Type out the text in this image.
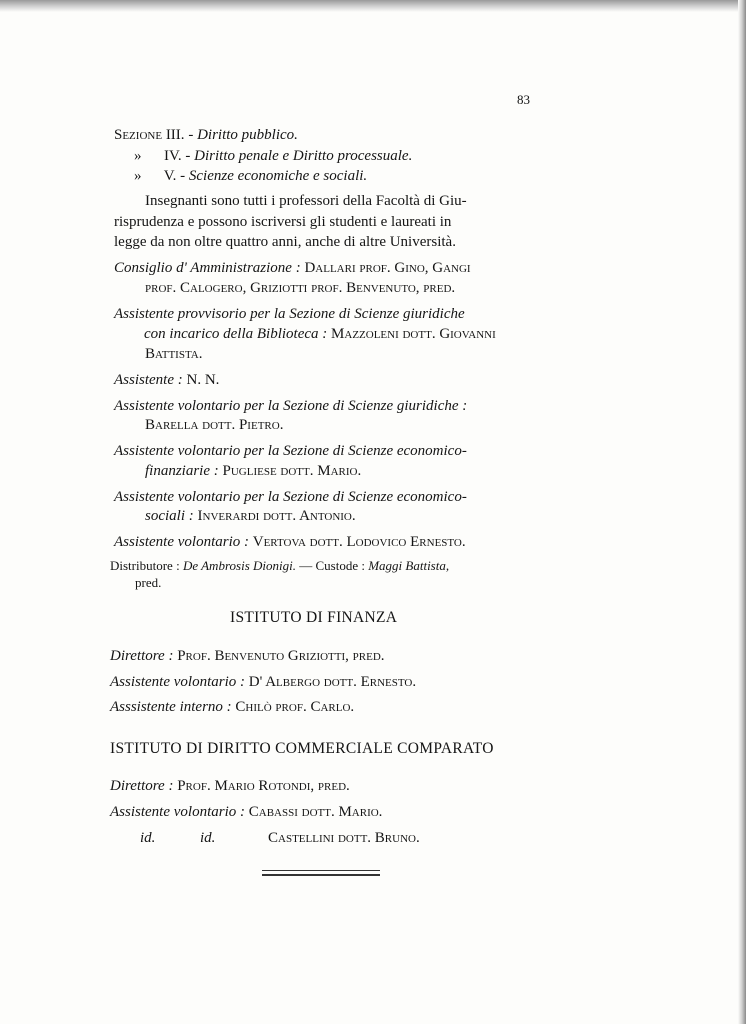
83
Sezione III. - Diritto pubblico.
» IV. - Diritto penale e Diritto processuale.
» V. - Scienze economiche e sociali.
Insegnanti sono tutti i professori della Facoltà di Giu-
risprudenza e possono iscriversi gli studenti e laureati in
legge da non oltre quattro anni, anche di altre Università.
Consiglio d' Amministrazione : Dallari prof. Gino, Gangi
prof. Calogero, Griziotti prof. Benvenuto, pred.
Assistente provvisorio per la Sezione di Scienze giuridiche
con incarico della Biblioteca : Mazzoleni dott. Giovanni
Battista.
Assistente : N. N.
Assistente volontario per la Sezione di Scienze giuridiche :
Barella dott. Pietro.
Assistente volontario per la Sezione di Scienze economico-
finanziarie : Pugliese dott. Mario.
Assistente volontario per la Sezione di Scienze economico-
sociali : Inverardi dott. Antonio.
Assistente volontario : Vertova dott. Lodovico Ernesto.
Distributore : De Ambrosis Dionigi. — Custode : Maggi Battista,
pred.
ISTITUTO DI FINANZA
Direttore : Prof. Benvenuto Griziotti, pred.
Assistente volontario : D' Albergo dott. Ernesto.
Asssistente interno : Chilò prof. Carlo.
ISTITUTO DI DIRITTO COMMERCIALE COMPARATO
Direttore : Prof. Mario Rotondi, pred.
Assistente volontario : Cabassi dott. Mario.
id.	id.	Castellini dott. Bruno.
